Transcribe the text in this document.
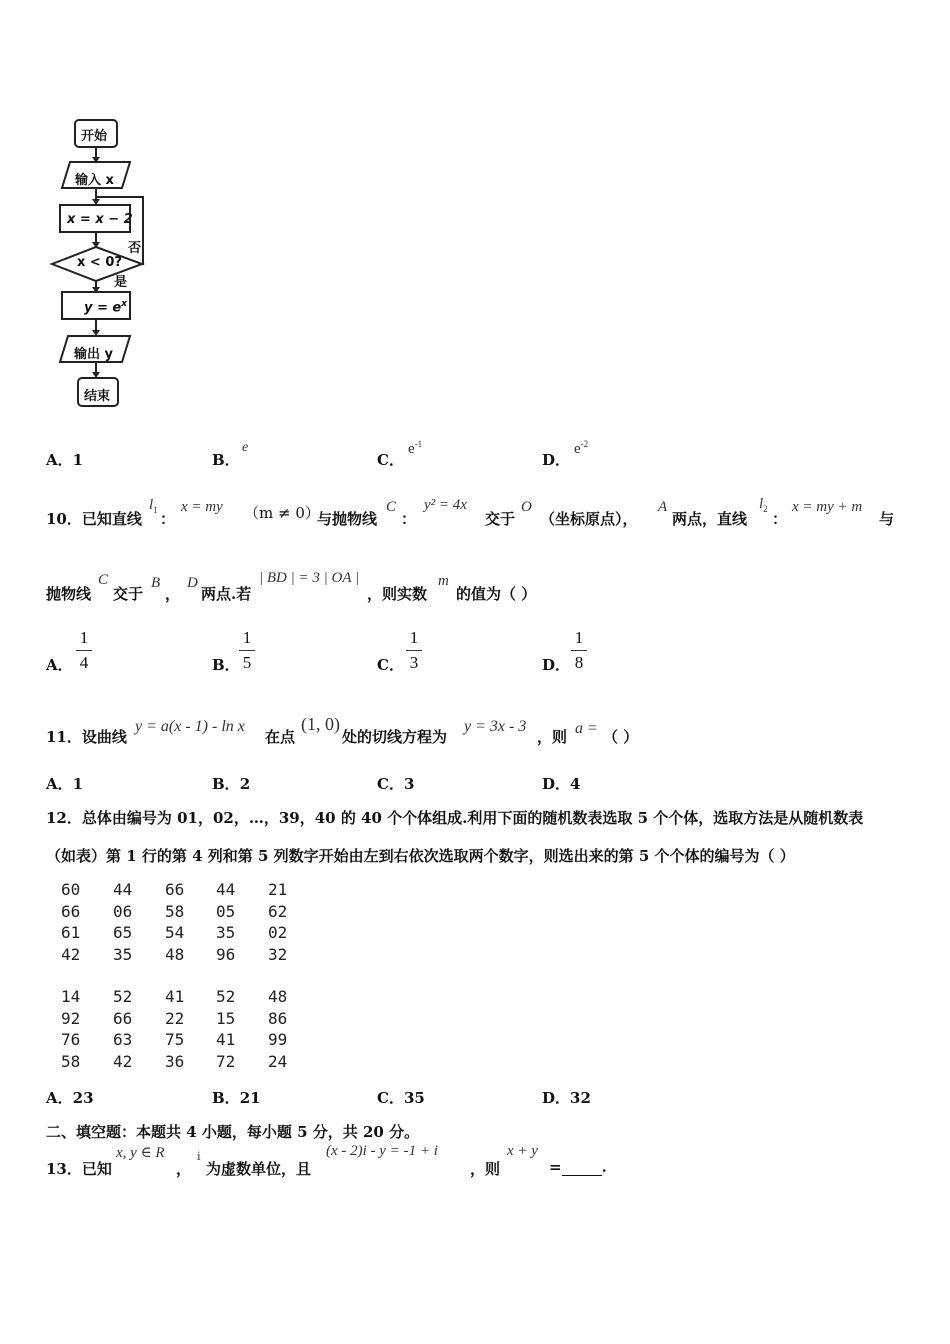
开始
输入 x
x = x − 2
x < 0?
否
是
$y = e^x$
输出 y
结束
A．1	B．
e
C．
$e^{-1}$
D．
$e^{-2}$
10．已知直线
$l_1$ ：
x = my （m ≠ 0）
与抛物线
C
：
y² = 4x
交于
O
（坐标原点），
A
两点，直线
$l_2$
：
x = my + m
与
抛物线
C
交于
B
，
D
两点.若
| BD | = 3 | OA |
，则实数
m
的值为（ ）
A．
1
4	B．
1
5	C．
1
3	D．
1
8
11．设曲线
y = a(x - 1) - ln x
在点
(1, 0)
处的切线方程为
y = 3x - 3
，则 a = （ ）
A．1	B．2	C．3	D．4
12．总体由编号为 01，02，…，39，40 的 40 个个体组成.利用下面的随机数表选取 5 个个体，选取方法是从随机数表
（如表）第 1 行的第 4 列和第 5 列数字开始由左到右依次选取两个数字，则选出来的第 5 个个体的编号为（ ）
60 44 66 44 21
66 06 58 05 62
61 65 54 35 02
42 35 48 96 32
14 52 41 52 48
92 66 22 15 86
76 63 75 41 99
58 42 36 72 24
A．23	B．21	C．35	D．32
二、填空题：本题共 4 小题，每小题 5 分，共 20 分。
13．已知
x, y ∈ R
，
i
为虚数单位，且
(x - 2)i - y = -1 + i
，则
x + y
=	.
